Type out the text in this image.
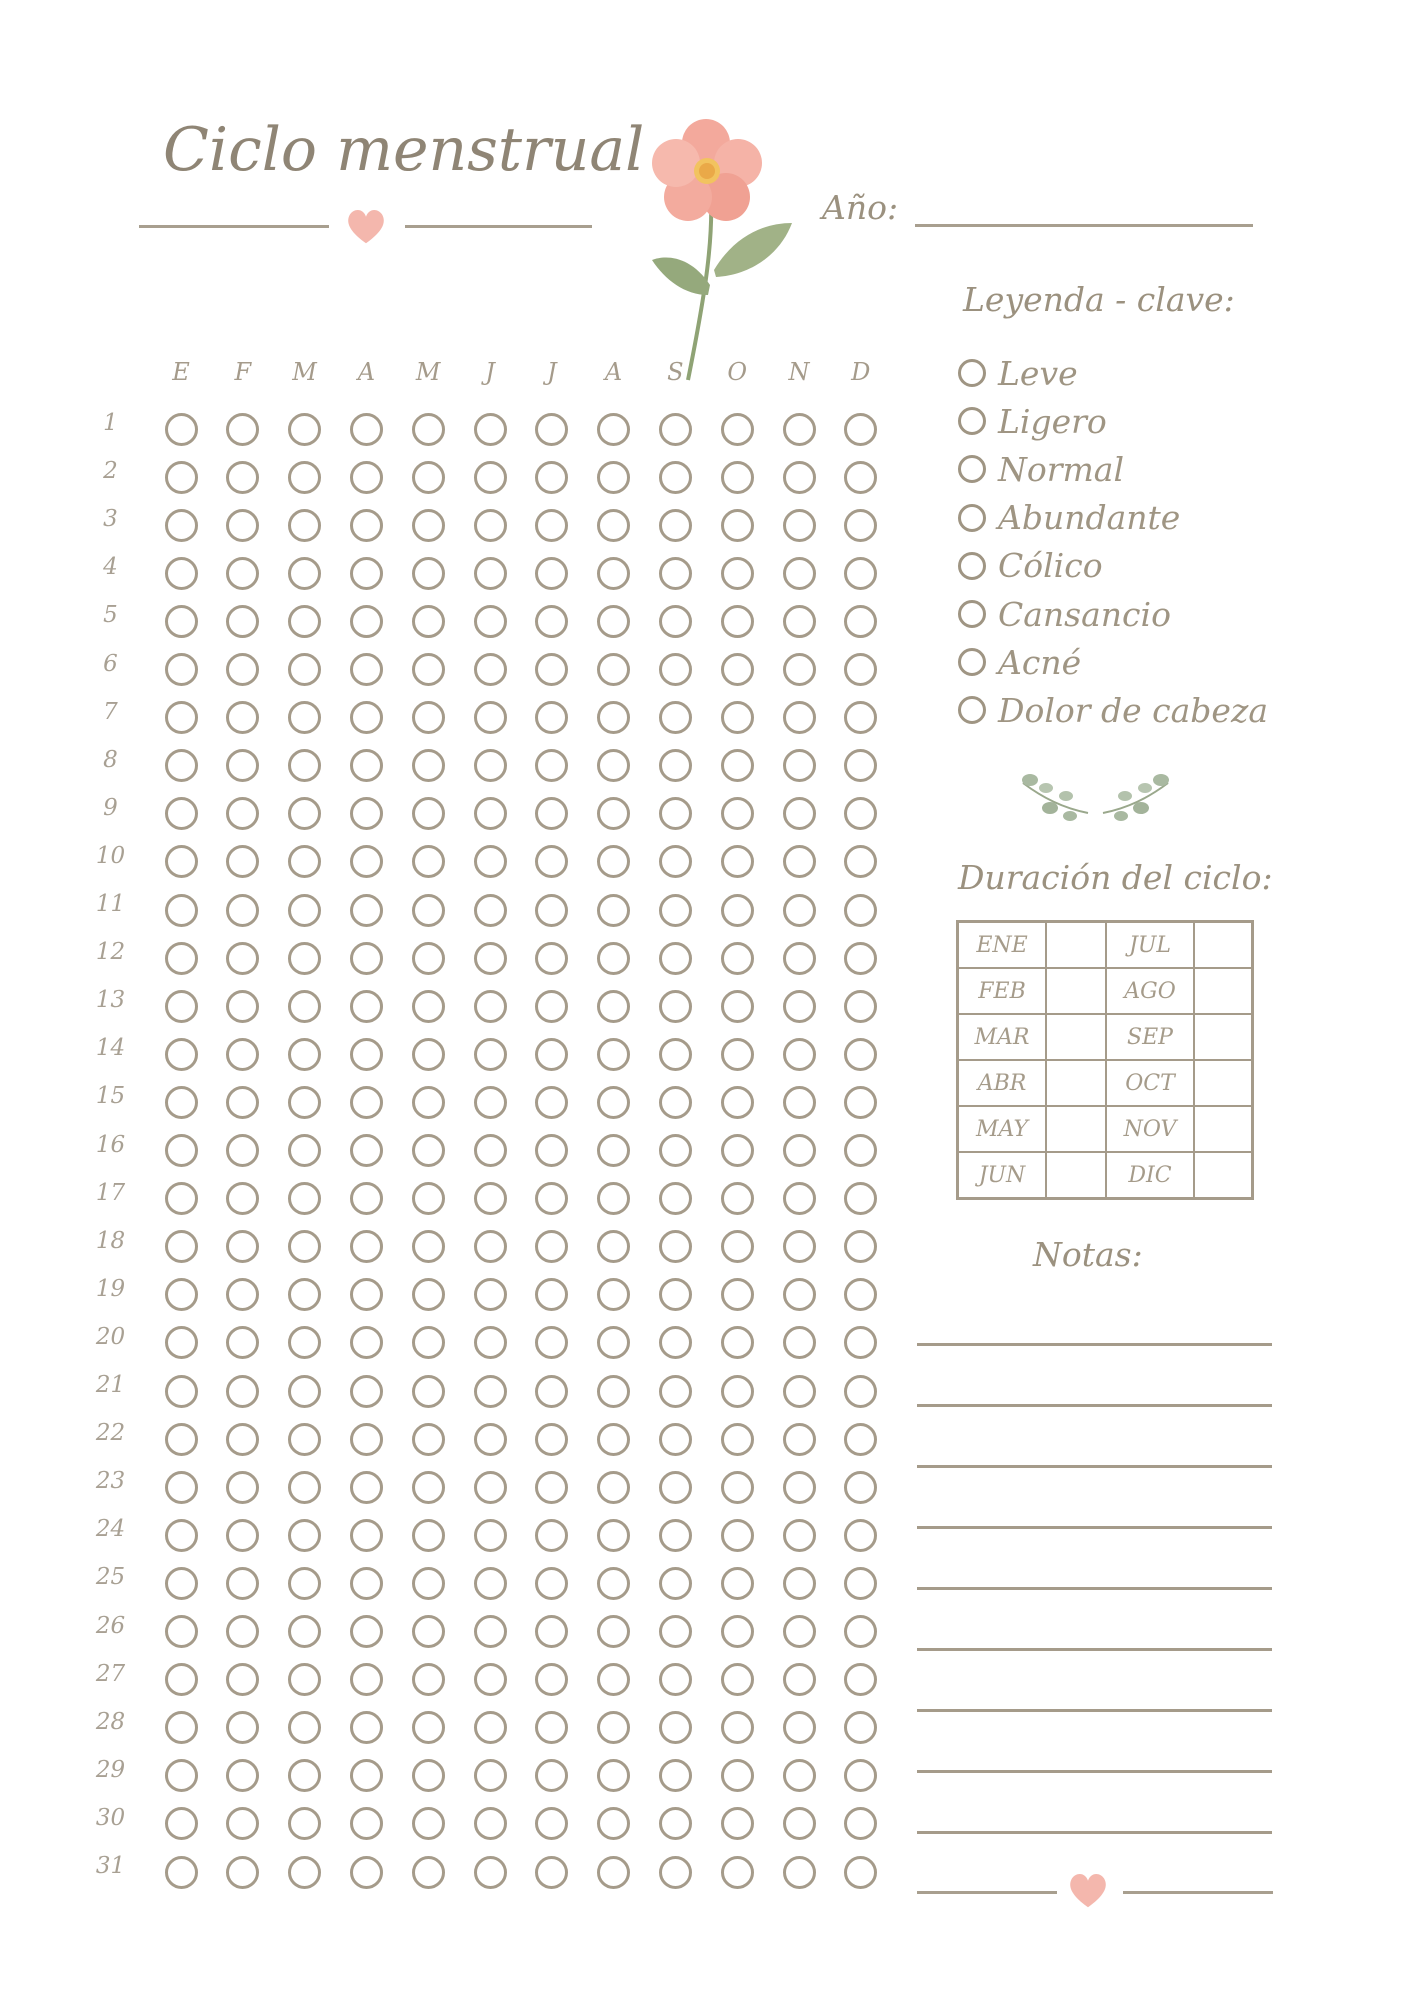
Ciclo menstrual
Año:
Leyenda - clave:
Leve
Ligero
Normal
Abundante
Cólico
Cansancio
Acné
Dolor de cabeza
Duración del ciclo:
ENE		JUL	
FEB		AGO	
MAR		SEP	
ABR		OCT	
MAY		NOV	
JUN		DIC	
Notas:
E F M A M	J	J	A S O N D
1
2
3
4
5
6
7
8
9
10
11
12
13
14
15
16
17
18
19
20
21
22
23
24
25
26
27
28
29
30
31
